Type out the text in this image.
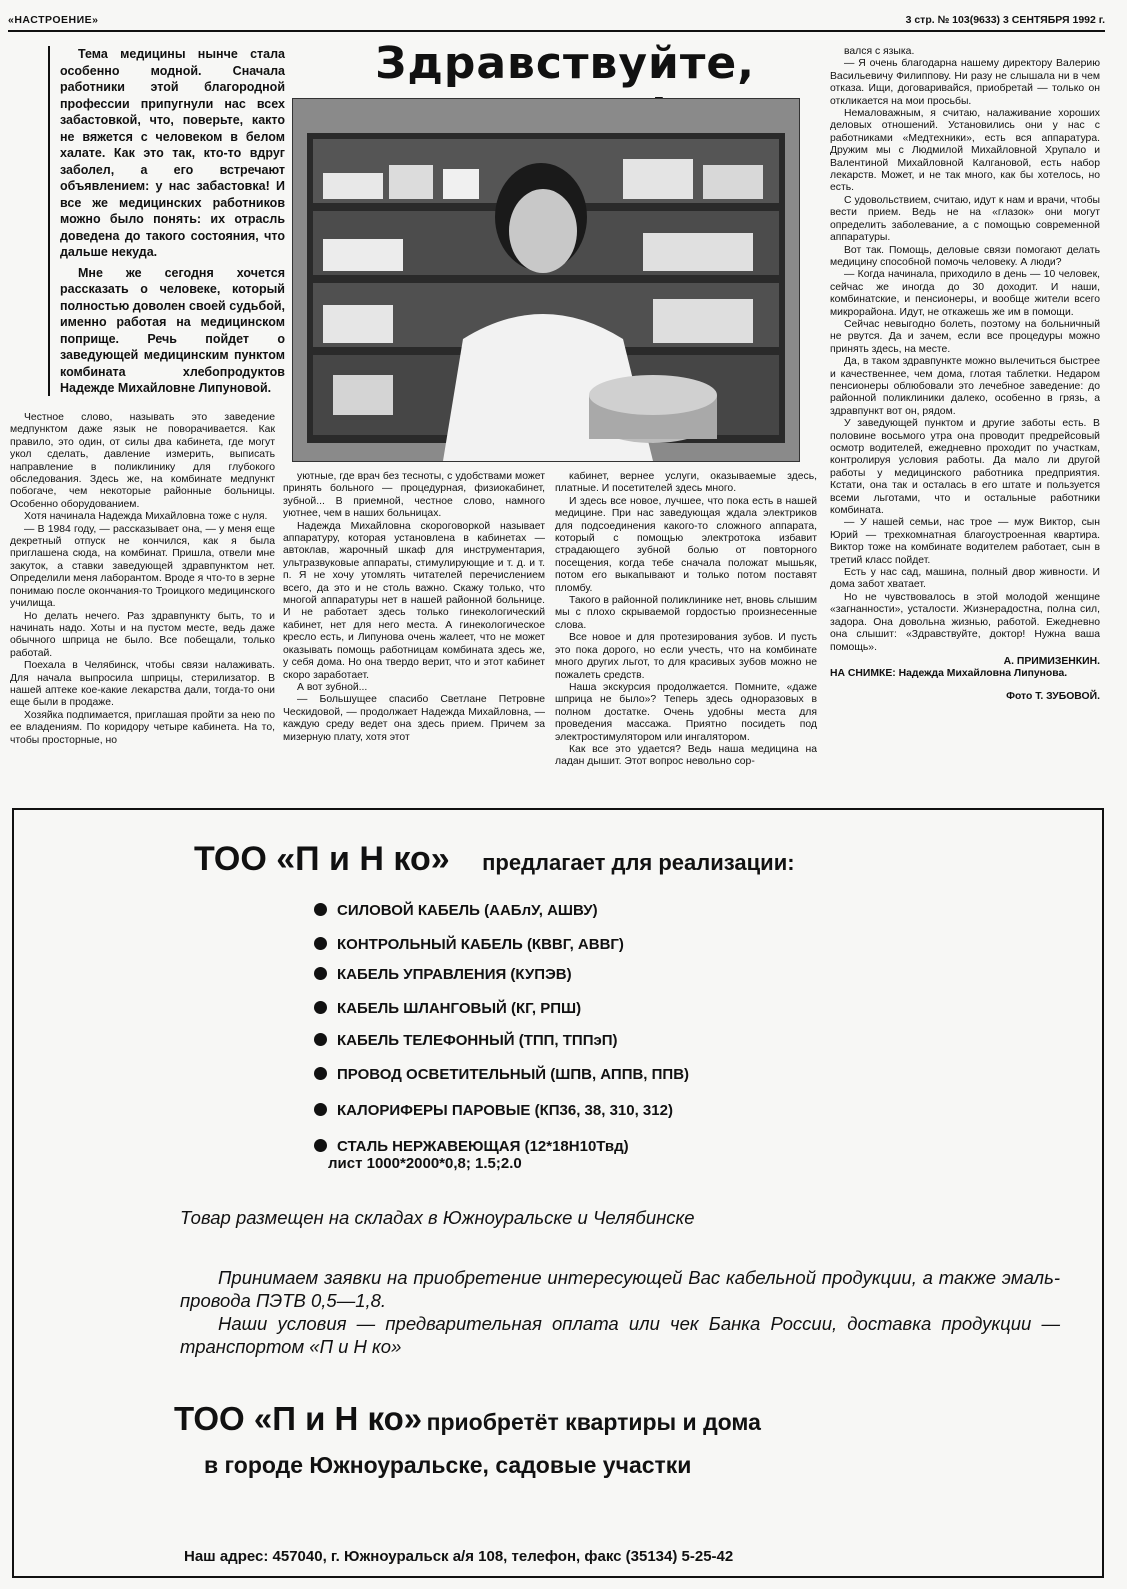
«НАСТРОЕНИЕ»	3 стр. № 103(9633) 3 СЕНТЯБРЯ 1992 г.
Здравствуйте,

Тема медицины нынче стала особенно модной. Сначала работники этой благородной профессии припугнули нас всех забастовкой, что, поверьте, както не вяжется с человеком в белом халате. Как это так, кто-то вдруг заболел, а его встречают объявлением: у нас забастовка! И все же медицинских работников можно было понять: их отрасль доведена до такого состояния, что дальше некуда.

Мне же сегодня хочется рассказать о человеке, который полностью доволен своей судьбой, именно работая на медицинском поприще. Речь пойдет о заведующей медицинским пунктом комбината хлебопродуктов Надежде Михайловне Липуновой.

Честное слово, называть это заведение медпунктом даже язык не поворачивается. Как правило, это один, от силы два кабинета, где могут укол сделать, давление измерить, выписать направление в поликлинику для глубокого обследования. Здесь же, на комбинате медпункт побогаче, чем некоторые районные больницы. Особенно оборудованием.

Хотя начинала Надежда Михайловна тоже с нуля.

— В 1984 году, — рассказывает она, — у меня еще декретный отпуск не кончился, как я была приглашена сюда, на комбинат. Пришла, отвели мне закуток, а ставки заведующей здравпунктом нет. Определили меня лаборантом. Вроде я что-то в зерне понимаю после окончания-то Троицкого медицинского училища.

Но делать нечего. Раз здравпункту быть, то и начинать надо. Хоты и на пустом месте, ведь даже обычного шприца не было. Все побещали, только работай.

Поехала в Челябинск, чтобы связи налаживать. Для начала выпросила шприцы, стерилизатор. В нашей аптеке кое-какие лекарства дали, тогда-то они еще были в продаже.

Хозяйка подпимается, приглашая пройти за нею по ее владениям. По коридору четыре кабинета. На то, чтобы просторные, но

уютные, где врач без тесноты, с удобствами может принять больного — процедурная, физиокабинет, зубной... В приемной, честное слово, намного уютнее, чем в наших больницах.

Надежда Михайловна скороговоркой называет аппаратуру, которая установлена в кабинетах — автоклав, жарочный шкаф для инструментария, ультразвуковые аппараты, стимулирующие и т. д. и т. п. Я не хочу утомлять читателей перечислением всего, да это и не столь важно. Скажу только, что многой аппаратуры нет в нашей районной больнице. И не работает здесь только гинекологический кабинет, нет для него места. А гинекологическое кресло есть, и Липунова очень жалеет, что не может оказывать помощь работницам комбината здесь же, у себя дома. Но она твердо верит, что и этот кабинет скоро заработает.

А вот зубной...

— Большущее спасибо Светлане Петровне Ческидовой, — продолжает Надежда Михайловна, — каждую среду ведет она здесь прием. Причем за мизерную плату, хотя этот

кабинет, вернее услуги, оказываемые здесь, платные. И посетителей здесь много.

И здесь все новое, лучшее, что пока есть в нашей медицине. При нас заведующая ждала электриков для подсоединения какого-то сложного аппарата, который с помощью электротока избавит страдающего зубной болью от повторного посещения, когда тебе сначала положат мышьяк, потом его выкапывают и только потом поставят пломбу.

Такого в районной поликлинике нет, вновь слышим мы с плохо скрываемой гордостью произнесенные слова.

Все новое и для протезирования зубов. И пусть это пока дорого, но если учесть, что на комбинате много других льгот, то для красивых зубов можно не пожалеть средств.

Наша экскурсия продолжается. Помните, «даже шприца не было»? Теперь здесь одноразовых в полном достатке. Очень удобны места для проведения массажа. Приятно посидеть под электростимулятором или ингалятором.

Как все это удается? Ведь наша медицина на ладан дышит. Этот вопрос невольно сор-

вался с языка.

— Я очень благодарна нашему директору Валерию Васильевичу Филиппову. Ни разу не слышала ни в чем отказа. Ищи, договаривайся, приобретай — только он откликается на мои просьбы.

Немаловажным, я считаю, налаживание хороших деловых отношений. Установились они у нас с работниками «Медтехники», есть вся аппаратура. Дружим мы с Людмилой Михайловной Хрупало и Валентиной Михайловной Калгановой, есть набор лекарств. Может, и не так много, как бы хотелось, но есть.

С удовольствием, считаю, идут к нам и врачи, чтобы вести прием. Ведь не на «глазок» они могут определить заболевание, а с помощью современной аппаратуры.

Вот так. Помощь, деловые связи помогают делать медицину способной помочь человеку. А люди?

— Когда начинала, приходило в день — 10 человек, сейчас же иногда до 30 доходит. И наши, комбинатские, и пенсионеры, и вообще жители всего микрорайона. Идут, не откажешь же им в помощи.

Сейчас невыгодно болеть, поэтому на больничный не рвутся. Да и зачем, если все процедуры можно принять здесь, на месте.

Да, в таком здравпункте можно вылечиться быстрее и качественнее, чем дома, глотая таблетки. Недаром пенсионеры облюбовали это лечебное заведение: до районной поликлиники далеко, особенно в грязь, а здравпункт вот он, рядом.

У заведующей пунктом и другие заботы есть. В половине восьмого утра она проводит предрейсовый осмотр водителей, ежедневно проходит по участкам, контролируя условия работы. Да мало ли другой работы у медицинского работника предприятия. Кстати, она так и осталась в его штате и пользуется всеми льготами, что и остальные работники комбината.

— У нашей семьи, нас трое — муж Виктор, сын Юрий — трехкомнатная благоустроенная квартира. Виктор тоже на комбинате водителем работает, сын в третий класс пойдет.

Есть у нас сад, машина, полный двор живности. И дома забот хватает.

Но не чувствовалось в этой молодой женщине «загнанности», усталости. Жизнерадостна, полна сил, задора. Она довольна жизнью, работой. Ежедневно она слышит: «Здравствуйте, доктор! Нужна ваша помощь».

А. ПРИМИЗЕНКИН.

НА СНИМКЕ: Надежда Михайловна Липунова.

Фото Т. ЗУБОВОЙ.
ТОО «П и Н ко» предлагает для реализации:
СИЛОВОЙ КАБЕЛЬ (ААБлУ, АШВУ)
КОНТРОЛЬНЫЙ КАБЕЛЬ (КВВГ, АВВГ)
КАБЕЛЬ УПРАВЛЕНИЯ (КУПЭВ)
КАБЕЛЬ ШЛАНГОВЫЙ (КГ, РПШ)
КАБЕЛЬ ТЕЛЕФОННЫЙ (ТПП, ТППэП)
ПРОВОД ОСВЕТИТЕЛЬНЫЙ (ШПВ, АППВ, ППВ)
КАЛОРИФЕРЫ ПАРОВЫЕ (КП36, 38, 310, 312)
СТАЛЬ НЕРЖАВЕЮЩАЯ (12*18Н10Твд)
лист 1000*2000*0,8; 1.5;2.0
Товар размещен на складах в Южноуральске и Челябинске
Принимаем заявки на приобретение интересующей Вас кабельной продукции, а также эмаль-провода ПЭТВ 0,5—1,8.
Наши условия — предварительная оплата или чек Банка России, доставка продукции — транспортом «П и Н ко»
ТОО «П и Н ко» приобретёт квартиры и дома
в городе Южноуральске, садовые участки
Наш адрес: 457040, г. Южноуральск а/я 108, телефон, факс (35134) 5-25-42
